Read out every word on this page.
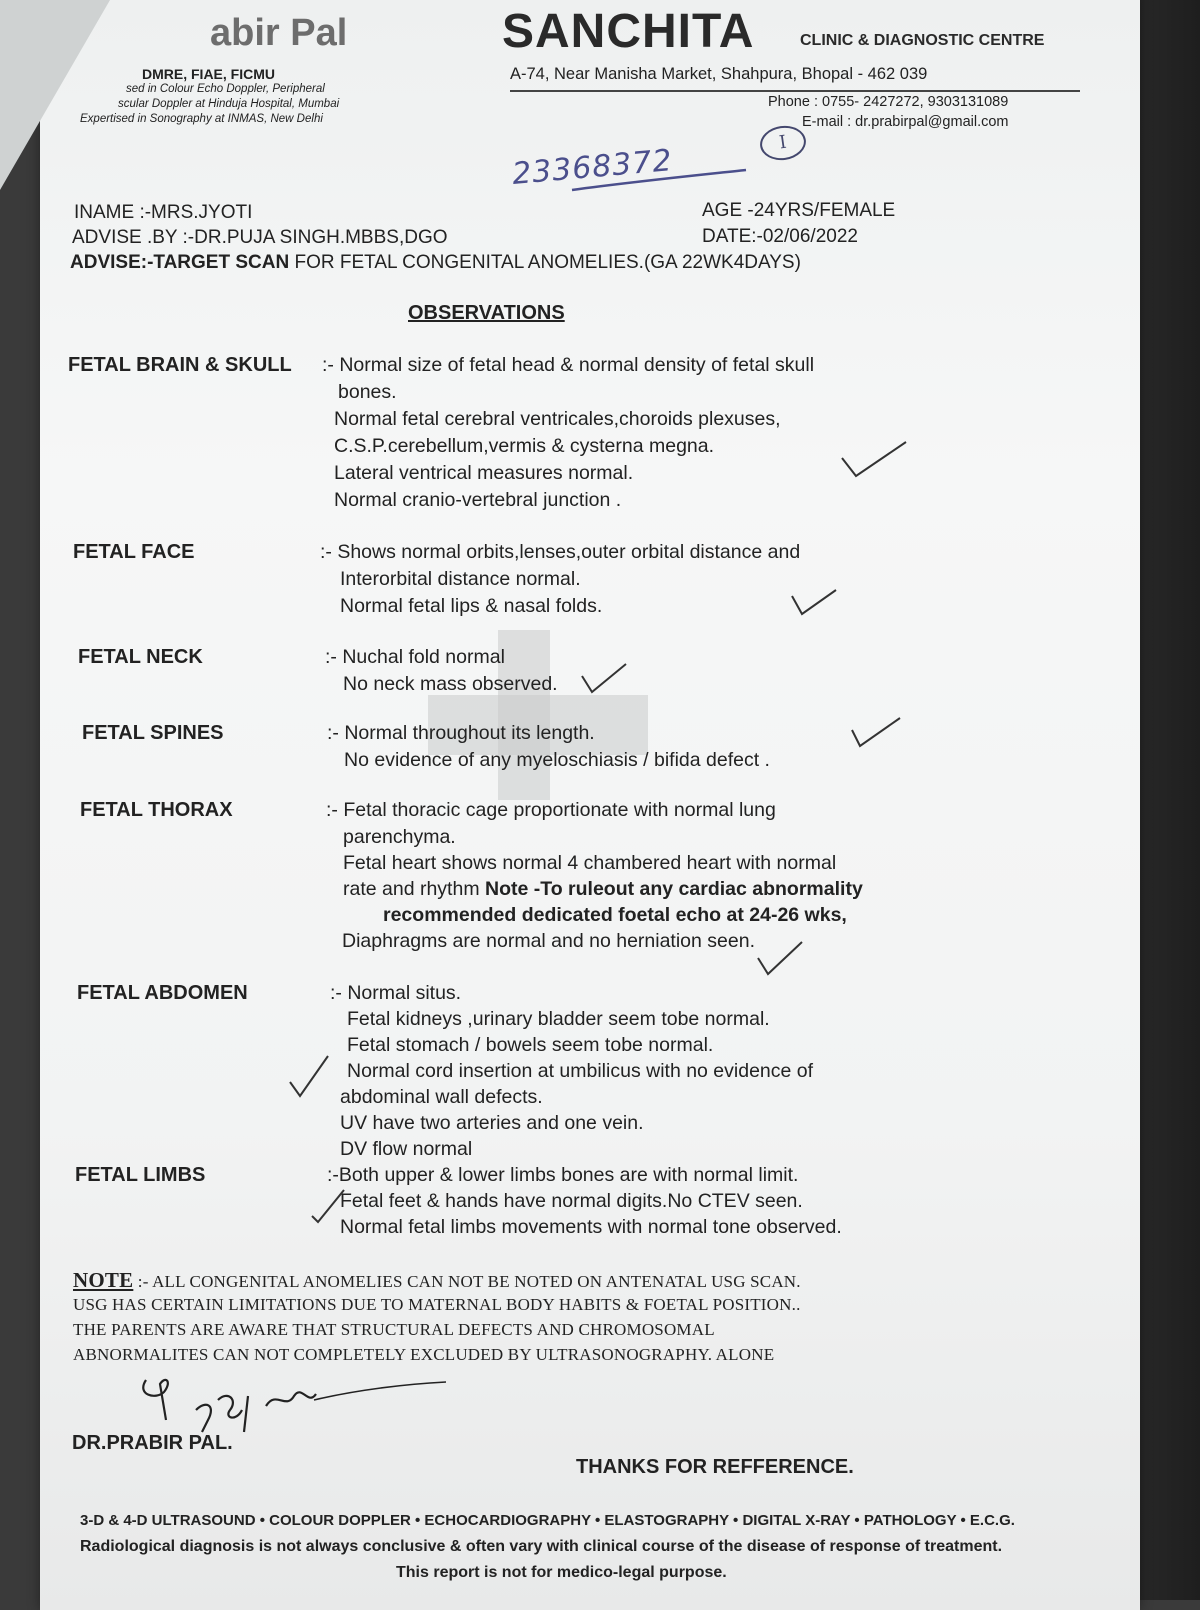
abir Pal
DMRE, FIAE, FICMU
sed in Colour Echo Doppler, Peripheral
scular Doppler at Hinduja Hospital, Mumbai
Expertised in Sonography at INMAS, New Delhi
SANCHITA	CLINIC & DIAGNOSTIC CENTRE
A-74, Near Manisha Market, Shahpura, Bhopal - 462 039
Phone : 0755- 2427272, 9303131089
E-mail : dr.prabirpal@gmail.com
23368372
I
INAME :-MRS.JYOTI
ADVISE .BY :-DR.PUJA SINGH.MBBS,DGO
ADVISE:-TARGET SCAN FOR FETAL CONGENITAL ANOMELIES.(GA 22WK4DAYS)
AGE -24YRS/FEMALE
DATE:-02/06/2022
OBSERVATIONS
FETAL BRAIN & SKULL :- Normal size of fetal head & normal density of fetal skull
bones.
Normal fetal cerebral ventricales,choroids plexuses,
C.S.P.cerebellum,vermis & cysterna megna.
Lateral ventrical measures normal.
Normal cranio-vertebral junction .
FETAL FACE	:- Shows normal orbits,lenses,outer orbital distance and
Interorbital distance normal.
Normal fetal lips & nasal folds.
FETAL NECK	:- Nuchal fold normal
No neck mass observed.
FETAL SPINES	:- Normal throughout its length.
No evidence of any myeloschiasis / bifida defect .
FETAL THORAX	:- Fetal thoracic cage proportionate with normal lung
parenchyma.
Fetal heart shows normal 4 chambered heart with normal
rate and rhythm Note -To ruleout any cardiac abnormality
recommended dedicated foetal echo at 24-26 wks,
Diaphragms are normal and no herniation seen.
FETAL ABDOMEN	:- Normal situs.
Fetal kidneys ,urinary bladder seem tobe normal.
Fetal stomach / bowels seem tobe normal.
Normal cord insertion at umbilicus with no evidence of
abdominal wall defects.
UV have two arteries and one vein.
DV flow normal
FETAL LIMBS	:-Both upper & lower limbs bones are with normal limit.
Fetal feet & hands have normal digits.No CTEV seen.
Normal fetal limbs movements with normal tone observed.
NOTE :- ALL CONGENITAL ANOMELIES CAN NOT BE NOTED ON ANTENATAL USG SCAN.
USG HAS CERTAIN LIMITATIONS DUE TO MATERNAL BODY HABITS & FOETAL POSITION..
THE PARENTS ARE AWARE THAT STRUCTURAL DEFECTS AND CHROMOSOMAL
ABNORMALITES CAN NOT COMPLETELY EXCLUDED BY ULTRASONOGRAPHY. ALONE
DR.PRABIR PAL.
THANKS FOR REFFERENCE.
3-D & 4-D ULTRASOUND • COLOUR DOPPLER • ECHOCARDIOGRAPHY • ELASTOGRAPHY • DIGITAL X-RAY • PATHOLOGY • E.C.G.
Radiological diagnosis is not always conclusive & often vary with clinical course of the disease of response of treatment.
This report is not for medico-legal purpose.
